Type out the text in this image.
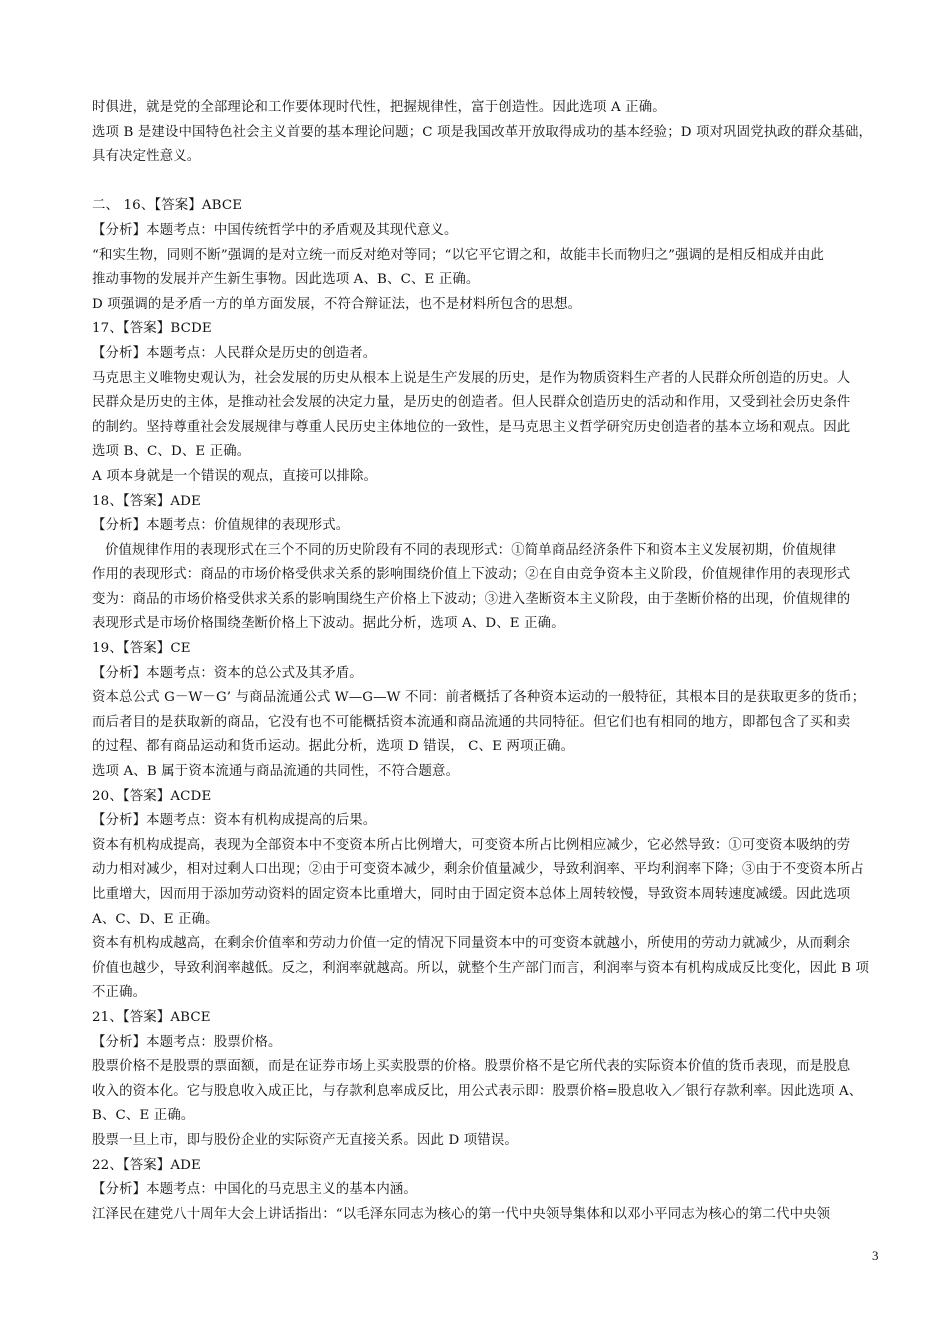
时俱进，就是党的全部理论和工作要体现时代性，把握规律性，富于创造性。因此选项 A 正确。
选项 B 是建设中国特色社会主义首要的基本理论问题；C 项是我国改革开放取得成功的基本经验；D 项对巩固党执政的群众基础，
具有决定性意义。
二、 16、【答案】ABCE
【分析】本题考点：中国传统哲学中的矛盾观及其现代意义。
“和实生物，同则不断”强调的是对立统一而反对绝对等同；“以它平它谓之和，故能丰长而物归之”强调的是相反相成并由此
推动事物的发展并产生新生事物。因此选项 A、B、C、E 正确。
D 项强调的是矛盾一方的单方面发展，不符合辩证法，也不是材料所包含的思想。
17、【答案】BCDE
【分析】本题考点：人民群众是历史的创造者。
马克思主义唯物史观认为，社会发展的历史从根本上说是生产发展的历史，是作为物质资料生产者的人民群众所创造的历史。人
民群众是历史的主体，是推动社会发展的决定力量，是历史的创造者。但人民群众创造历史的活动和作用，又受到社会历史条件
的制约。坚持尊重社会发展规律与尊重人民历史主体地位的一致性，是马克思主义哲学研究历史创造者的基本立场和观点。因此
选项 B、C、D、E 正确。
A 项本身就是一个错误的观点，直接可以排除。
18、【答案】ADE
【分析】本题考点：价值规律的表现形式。
价值规律作用的表现形式在三个不同的历史阶段有不同的表现形式：①简单商品经济条件下和资本主义发展初期，价值规律
作用的表现形式：商品的市场价格受供求关系的影响围绕价值上下波动；②在自由竞争资本主义阶段，价值规律作用的表现形式
变为：商品的市场价格受供求关系的影响围绕生产价格上下波动；③进入垄断资本主义阶段，由于垄断价格的出现，价值规律的
表现形式是市场价格围绕垄断价格上下波动。据此分析，选项 A、D、E 正确。
19、【答案】CE
【分析】本题考点：资本的总公式及其矛盾。
资本总公式 G－W－G’ 与商品流通公式 W—G—W 不同：前者概括了各种资本运动的一般特征，其根本目的是获取更多的货币；
而后者目的是获取新的商品，它没有也不可能概括资本流通和商品流通的共同特征。但它们也有相同的地方，即都包含了买和卖
的过程、都有商品运动和货币运动。据此分析，选项 D 错误， C、E 两项正确。
选项 A、B 属于资本流通与商品流通的共同性，不符合题意。
20、【答案】ACDE
【分析】本题考点：资本有机构成提高的后果。
资本有机构成提高，表现为全部资本中不变资本所占比例增大，可变资本所占比例相应减少，它必然导致：①可变资本吸纳的劳
动力相对减少，相对过剩人口出现；②由于可变资本减少，剩余价值量减少，导致利润率、平均利润率下降；③由于不变资本所占
比重增大，因而用于添加劳动资料的固定资本比重增大，同时由于固定资本总体上周转较慢，导致资本周转速度减缓。因此选项
A、C、D、E 正确。
资本有机构成越高，在剩余价值率和劳动力价值一定的情况下同量资本中的可变资本就越小，所使用的劳动力就减少，从而剩余
价值也越少，导致利润率越低。反之，利润率就越高。所以，就整个生产部门而言，利润率与资本有机构成成反比变化，因此 B 项
不正确。
21、【答案】ABCE
【分析】本题考点：股票价格。
股票价格不是股票的票面额，而是在证券市场上买卖股票的价格。股票价格不是它所代表的实际资本价值的货币表现，而是股息
收入的资本化。它与股息收入成正比，与存款利息率成反比，用公式表示即：股票价格=股息收入／银行存款利率。因此选项 A、
B、C、E 正确。
股票一旦上市，即与股份企业的实际资产无直接关系。因此 D 项错误。
22、【答案】ADE
【分析】本题考点：中国化的马克思主义的基本内涵。
江泽民在建党八十周年大会上讲话指出：“以毛泽东同志为核心的第一代中央领导集体和以邓小平同志为核心的第二代中央领
3
